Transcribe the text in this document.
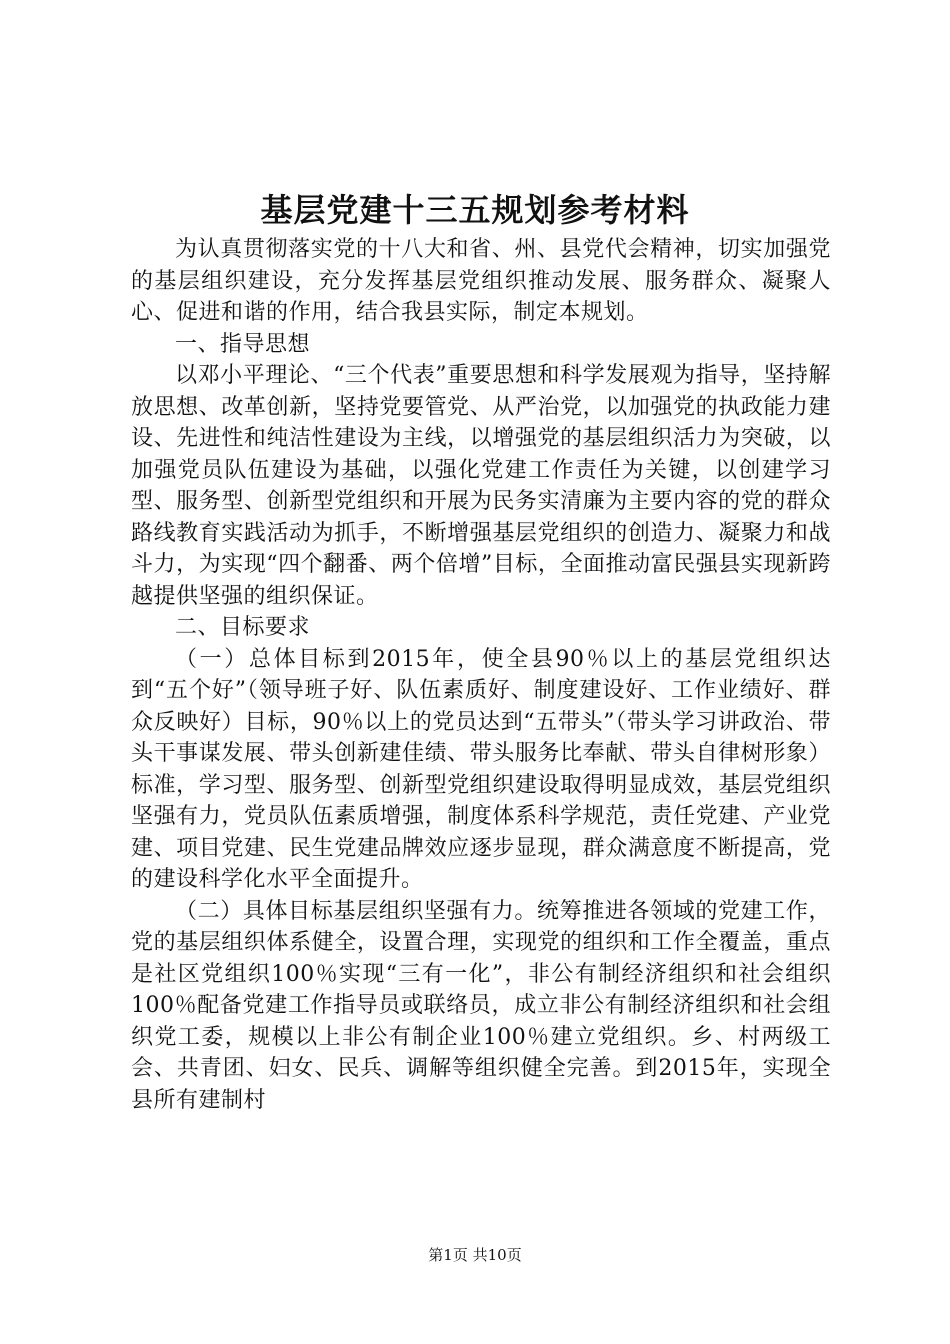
基层党建十三五规划参考材料

为认真贯彻落实党的十八大和省、州、县党代会精神，切实加强党的基层组织建设，充分发挥基层党组织推动发展、服务群众、凝聚人心、促进和谐的作用，结合我县实际，制定本规划。

一、指导思想

以邓小平理论、“三个代表”重要思想和科学发展观为指导，坚持解放思想、改革创新，坚持党要管党、从严治党，以加强党的执政能力建设、先进性和纯洁性建设为主线，以增强党的基层组织活力为突破，以加强党员队伍建设为基础，以强化党建工作责任为关键，以创建学习型、服务型、创新型党组织和开展为民务实清廉为主要内容的党的群众路线教育实践活动为抓手，不断增强基层党组织的创造力、凝聚力和战斗力，为实现“四个翻番、两个倍增”目标，全面推动富民强县实现新跨越提供坚强的组织保证。

二、目标要求

（一）总体目标到2015年，使全县90％以上的基层党组织达到“五个好”（领导班子好、队伍素质好、制度建设好、工作业绩好、群众反映好）目标，90％以上的党员达到“五带头”（带头学习讲政治、带头干事谋发展、带头创新建佳绩、带头服务比奉献、带头自律树形象）标准，学习型、服务型、创新型党组织建设取得明显成效，基层党组织坚强有力，党员队伍素质增强，制度体系科学规范，责任党建、产业党建、项目党建、民生党建品牌效应逐步显现，群众满意度不断提高，党的建设科学化水平全面提升。

（二）具体目标基层组织坚强有力。统筹推进各领域的党建工作，党的基层组织体系健全，设置合理，实现党的组织和工作全覆盖，重点是社区党组织100％实现“三有一化”，非公有制经济组织和社会组织100％配备党建工作指导员或联络员，成立非公有制经济组织和社会组织党工委，规模以上非公有制企业100％建立党组织。乡、村两级工会、共青团、妇女、民兵、调解等组织健全完善。到2015年，实现全县所有建制村

第1页 共10页
